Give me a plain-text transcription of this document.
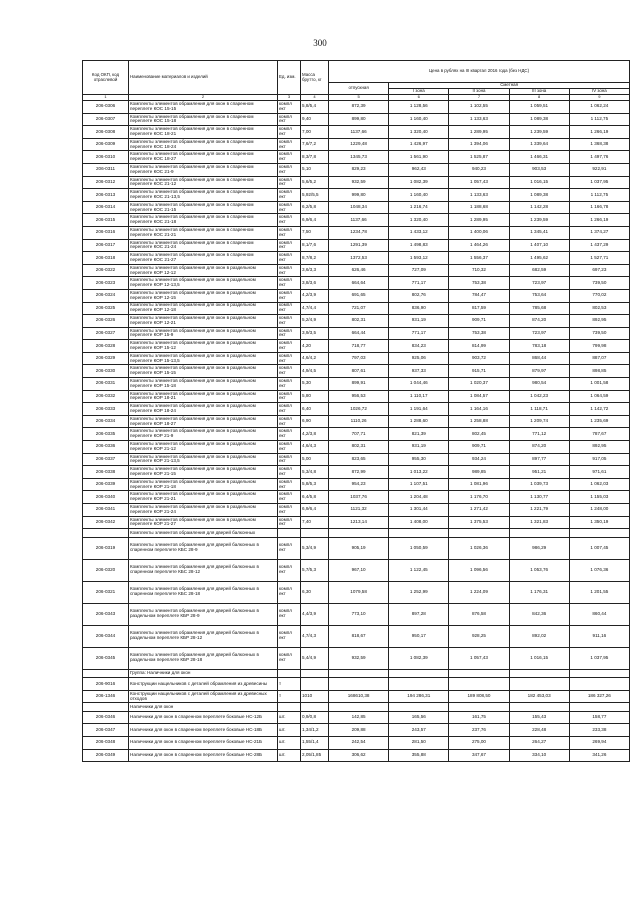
300
Код ОКП, код отраслевой	Наименование материалов и изделий	Ед. изм.	Масса брутто, кг	Цена в рублях на III квартал 2016 года (без НДС)				
				отпускная	Сметная			
					I зона	II зона	III зона	IV зона
1	2	3	4	5	6	7	8	9
206-0306	Комплекты элементов обрамления для окон в спаренном переплете КОС 15-15	компл ект	5,8/5,4	872,39	1 128,56	1 102,55	1 059,51	1 062,24
206-0307	Комплекты элементов обрамления для окон в спаренном переплете КОС 15-18	компл ект	9,40	899,80	1 160,40	1 133,63	1 089,38	1 112,75
206-0308	Комплекты элементов обрамления для окон в спаренном переплете КОС 18-21	компл ект	7,00	1137,66	1 320,40	1 289,95	1 239,59	1 266,19
206-0309	Комплекты элементов обрамления для окон в спаренном переплете КОС 18-24	компл ект	7,6/7,2	1229,48	1 426,97	1 394,06	1 339,64	1 368,38
206-0310	Комплекты элементов обрамления для окон в спаренном переплете КОС 18-27	компл ект	8,3/7,8	1345,73	1 561,90	1 525,87	1 466,31	1 497,76
206-0311	Комплекты элементов обрамления для окон в спаренном переплете КОС 21-9	компл ект	5,10	829,23	962,43	940,23	903,53	922,91
206-0312	Комплекты элементов обрамления для окон в спаренном переплете КОС 21-12	компл ект	5,6/5,2	932,59	1 082,39	1 057,43	1 016,15	1 037,95
206-0313	Комплекты элементов обрамления для окон в спаренном переплете КОС 21-13,5	компл ект	5,92/5,5	999,80	1 160,40	1 133,63	1 089,38	1 112,75
206-0314	Комплекты элементов обрамления для окон в спаренном переплете КОС 21-15	компл ект	6,2/5,8	1048,34	1 216,74	1 188,68	1 142,28	1 166,78
206-0315	Комплекты элементов обрамления для окон в спаренном переплете КОС 21-18	компл ект	6,9/6,4	1137,66	1 320,40	1 289,95	1 239,59	1 266,19
206-0316	Комплекты элементов обрамления для окон в спаренном переплете КОС 21-21	компл ект	7,50	1234,78	1 433,12	1 400,06	1 345,41	1 374,27
206-0317	Комплекты элементов обрамления для окон в спаренном переплете КОС 21-24	компл ект	8,1/7,6	1291,39	1 498,83	1 464,26	1 407,10	1 437,29
206-0318	Комплекты элементов обрамления для окон в спаренном переплете КОС 21-27	компл ект	8,7/8,2	1372,53	1 593,12	1 556,37	1 495,62	1 527,71
206-0322	Комплекты элементов обрамления для окон в раздельном переплете КОР 12-12	компл ект	3,6/3,3	626,46	727,09	710,32	682,59	697,23
206-0323	Комплекты элементов обрамления для окон в раздельном переплете КОР 12-13,5	компл ект	3,8/3,6	664,64	771,17	753,38	723,97	739,50
206-0324	Комплекты элементов обрамления для окон в раздельном переплете КОР 12-15	компл ект	4,2/3,9	691,65	802,76	784,47	753,64	770,02
206-0325	Комплекты элементов обрамления для окон в раздельном переплете КОР 12-18	компл ект	4,7/4,4	721,07	836,90	817,59	785,68	802,53
206-0326	Комплекты элементов обрамления для окон в раздельном переплете КОР 12-21	компл ект	5,2/4,9	802,31	931,19	909,71	874,20	892,95
206-0327	Комплекты элементов обрамления для окон в раздельном переплете КОР 15-9	компл ект	3,9/3,5	664,44	771,17	753,38	723,97	739,50
206-0328	Комплекты элементов обрамления для окон в раздельном переплете КОР 15-12	компл ект	4,20	718,77	834,23	814,99	783,18	799,98
206-0329	Комплекты элементов обрамления для окон в раздельном переплете КОР 15-13,5	компл ект	4,6/4,2	797,03	925,06	903,72	868,44	887,07
206-0330	Комплекты элементов обрамления для окон в раздельном переплете КОР 15-15	компл ект	4,9/4,5	807,61	937,33	915,71	879,97	898,85
206-0331	Комплекты элементов обрамления для окон в раздельном переплете КОР 15-18	компл ект	5,30	899,91	1 044,46	1 020,37	980,54	1 001,58
206-0332	Комплекты элементов обрамления для окон в раздельном переплете КОР 18-21	компл ект	5,80	956,53	1 110,17	1 084,57	1 042,23	1 064,59
206-0333	Комплекты элементов обрамления для окон в раздельном переплете КОР 18-24	компл ект	6,40	1026,72	1 191,64	1 164,16	1 118,71	1 142,72
206-0334	Комплекты элементов обрамления для окон в раздельном переплете КОР 18-27	компл ект	6,90	1110,26	1 288,60	1 258,88	1 209,74	1 235,69
206-0335	Комплекты элементов обрамления для окон в раздельном переплете КОР 21-9	компл ект	4,2/3,8	707,71	821,39	802,45	771,12	787,67
206-0336	Комплекты элементов обрамления для окон в раздельном переплете КОР 21-12	компл ект	4,6/4,3	802,31	931,19	909,71	874,20	892,95
206-0337	Комплекты элементов обрамления для окон в раздельном переплете КОР 21-13,5	компл ект	5,00	823,65	955,30	934,24	897,77	917,05
206-0338	Комплекты элементов обрамления для окон в раздельном переплете КОР 21-15	компл ект	5,3/4,8	872,99	1 013,22	989,85	951,21	971,61
206-0339	Комплекты элементов обрамления для окон в раздельном переплете КОР 21-18	компл ект	5,8/5,3	954,23	1 107,51	1 081,96	1 039,73	1 062,03
206-0340	Комплекты элементов обрамления для окон в раздельном переплете КОР 21-21	компл ект	6,4/5,8	1037,76	1 204,48	1 176,70	1 130,77	1 155,03
206-0341	Комплекты элементов обрамления для окон в раздельном переплете КОР 21-24	компл ект	6,9/6,4	1121,32	1 301,44	1 271,42	1 221,79	1 248,00
206-0342	Комплекты элементов обрамления для окон в раздельном переплете КОР 21-27	компл ект	7,40	1213,14	1 408,00	1 375,53	1 321,83	1 350,19
	Комплекты элементов обрамления для дверей балконных							
206-0319	Комплекты элементов обрамления для дверей балконных в спаренном переплете КБС 28-9	компл ект	5,3/4,9	905,19	1 050,59	1 026,36	986,29	1 007,45
206-0320	Комплекты элементов обрамления для дверей балконных в спаренном переплете КБС 28-12	компл ект	5,7/5,3	967,10	1 122,45	1 096,56	1 053,76	1 076,36
206-0321	Комплекты элементов обрамления для дверей балконных в спаренном переплете КБС 28-18	компл ект	6,30	1079,58	1 252,99	1 224,09	1 176,31	1 201,55
206-0343	Комплекты элементов обрамления для дверей балконных в раздельном переплете КБР 28-9	компл ект	4,4/3,9	773,10	897,28	876,58	842,36	860,44
206-0344	Комплекты элементов обрамления для дверей балконных в раздельном переплете КБР 28-12	компл ект	4,7/4,3	818,67	950,17	928,25	892,02	911,16
206-0345	Комплекты элементов обрамления для дверей балконных в раздельном переплете КБР 28-18	компл ект	5,4/4,9	932,59	1 082,39	1 057,43	1 016,15	1 037,95
	Группа: Наличники для окон							
206-9016	Конструкции нащельников с деталей обрамления из древесины	т						
206-1346	Конструкции нащельников с деталей обрамления из древесных отходов	т	1010	168610,38	194 286,31	189 808,50	182 453,03	186 327,26
	Наличники для окон							
206-0346	Наличники для окон в спаренном переплете боковые НС-12Б	шт.	0,9/0,8	142,85	165,56	161,75	155,43	158,77
206-0347	Наличники для окон в спаренном переплете боковые НС-18Б	шт.	1,34/1,2	209,88	243,57	237,76	228,48	233,38
206-0348	Наличники для окон в спаренном переплете боковые НС-21Б	шт.	1,55/1,4	242,54	281,50	275,00	264,27	269,94
206-0349	Наличники для окон в спаренном переплете боковые НС-28Б	шт.	2,05/1,85	306,62	355,88	347,67	334,10	341,26
